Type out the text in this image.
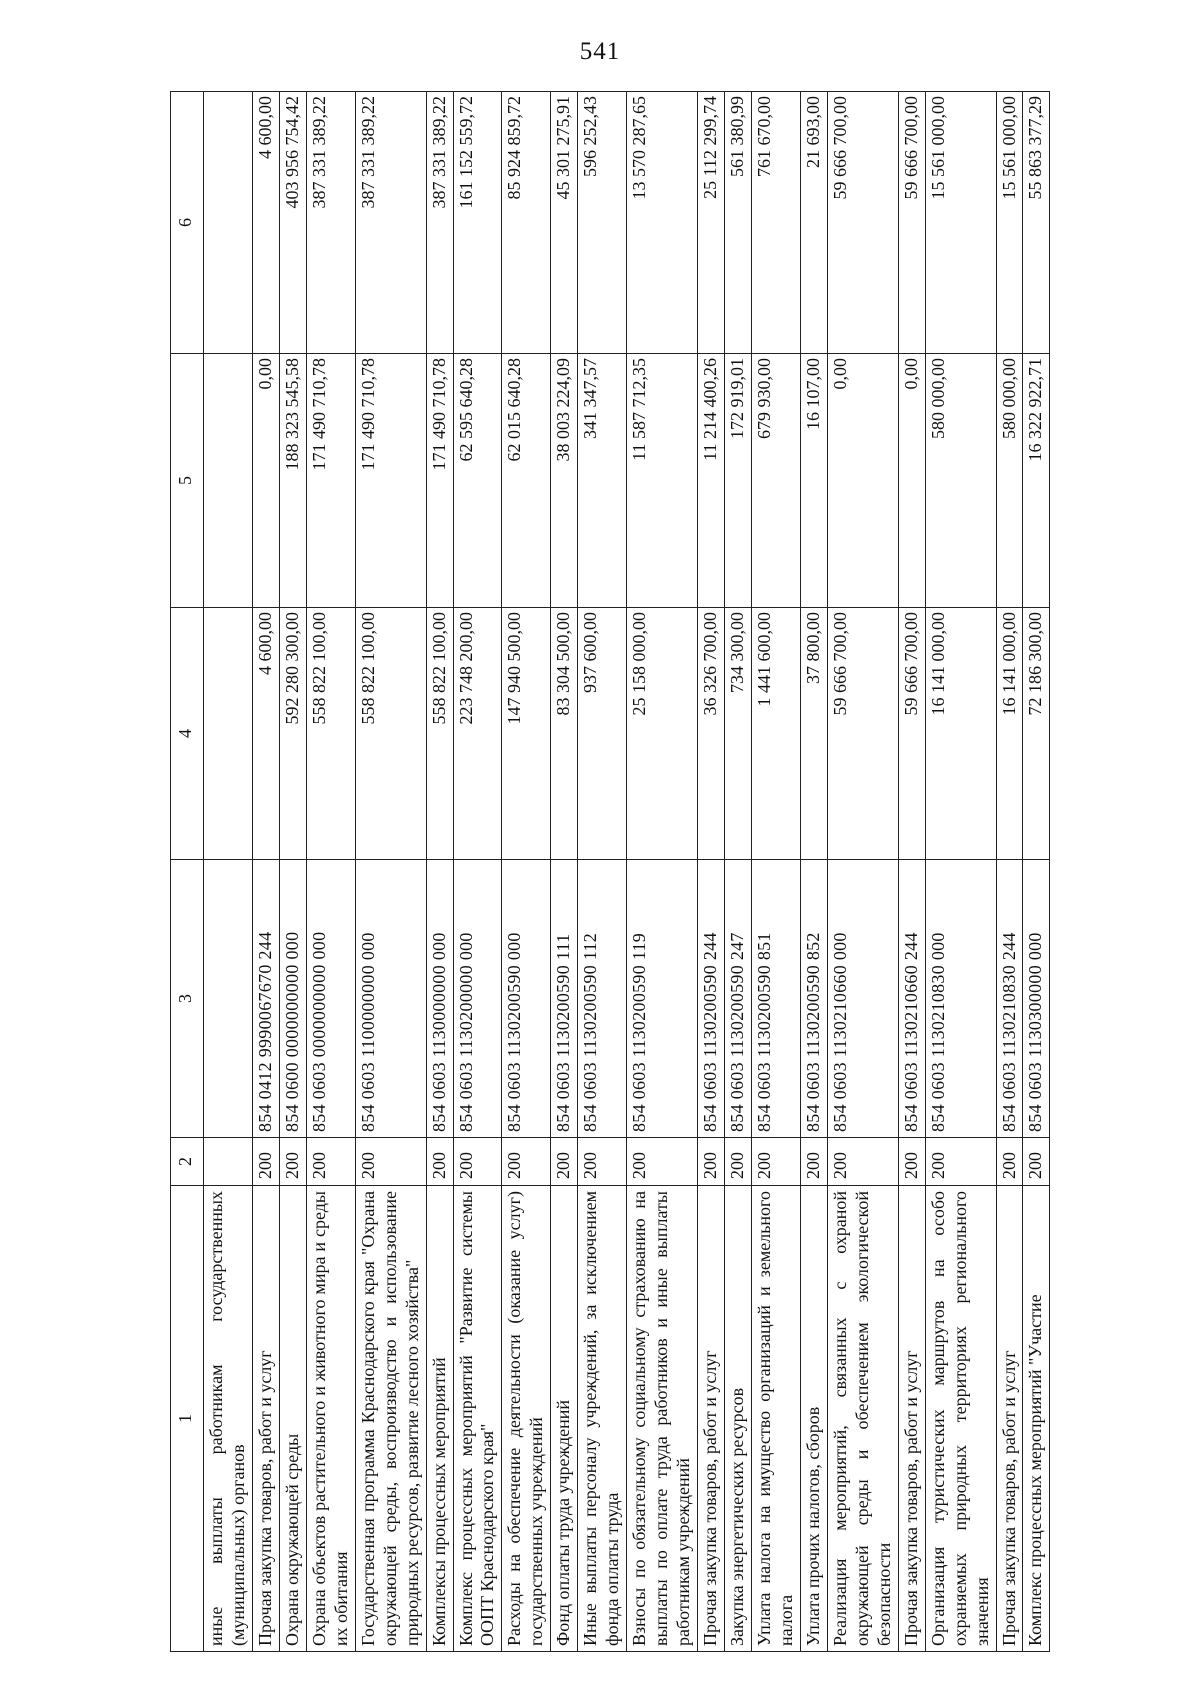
541
1	2	3	4	5	6
иные выплаты работникам государственных (муниципальных) органов					
Прочая закупка товаров, работ и услуг	200	854 0412 9990067670 244	4 600,00	0,00	4 600,00
Охрана окружающей среды	200	854 0600 0000000000 000	592 280 300,00	188 323 545,58	403 956 754,42
Охрана объектов растительного и животного мира и среды их обитания	200	854 0603 0000000000 000	558 822 100,00	171 490 710,78	387 331 389,22
Государственная программа Краснодарского края "Охрана окружающей среды, воспроизводство и использование природных ресурсов, развитие лесного хозяйства"	200	854 0603 1100000000 000	558 822 100,00	171 490 710,78	387 331 389,22
Комплексы процессных мероприятий	200	854 0603 1130000000 000	558 822 100,00	171 490 710,78	387 331 389,22
Комплекс процессных мероприятий "Развитие системы ООПТ Краснодарского края"	200	854 0603 1130200000 000	223 748 200,00	62 595 640,28	161 152 559,72
Расходы на обеспечение деятельности (оказание услуг) государственных учреждений	200	854 0603 1130200590 000	147 940 500,00	62 015 640,28	85 924 859,72
Фонд оплаты труда учреждений	200	854 0603 1130200590 111	83 304 500,00	38 003 224,09	45 301 275,91
Иные выплаты персоналу учреждений, за исключением фонда оплаты труда	200	854 0603 1130200590 112	937 600,00	341 347,57	596 252,43
Взносы по обязательному социальному страхованию на выплаты по оплате труда работников и иные выплаты работникам учреждений	200	854 0603 1130200590 119	25 158 000,00	11 587 712,35	13 570 287,65
Прочая закупка товаров, работ и услуг	200	854 0603 1130200590 244	36 326 700,00	11 214 400,26	25 112 299,74
Закупка энергетических ресурсов	200	854 0603 1130200590 247	734 300,00	172 919,01	561 380,99
Уплата налога на имущество организаций и земельного налога	200	854 0603 1130200590 851	1 441 600,00	679 930,00	761 670,00
Уплата прочих налогов, сборов	200	854 0603 1130200590 852	37 800,00	16 107,00	21 693,00
Реализация мероприятий, связанных с охраной окружающей среды и обеспечением экологической безопасности	200	854 0603 1130210660 000	59 666 700,00	0,00	59 666 700,00
Прочая закупка товаров, работ и услуг	200	854 0603 1130210660 244	59 666 700,00	0,00	59 666 700,00
Организация туристических маршрутов на особо охраняемых природных территориях регионального значения	200	854 0603 1130210830 000	16 141 000,00	580 000,00	15 561 000,00
Прочая закупка товаров, работ и услуг	200	854 0603 1130210830 244	16 141 000,00	580 000,00	15 561 000,00
Комплекс процессных мероприятий "Участие	200	854 0603 1130300000 000	72 186 300,00	16 322 922,71	55 863 377,29
